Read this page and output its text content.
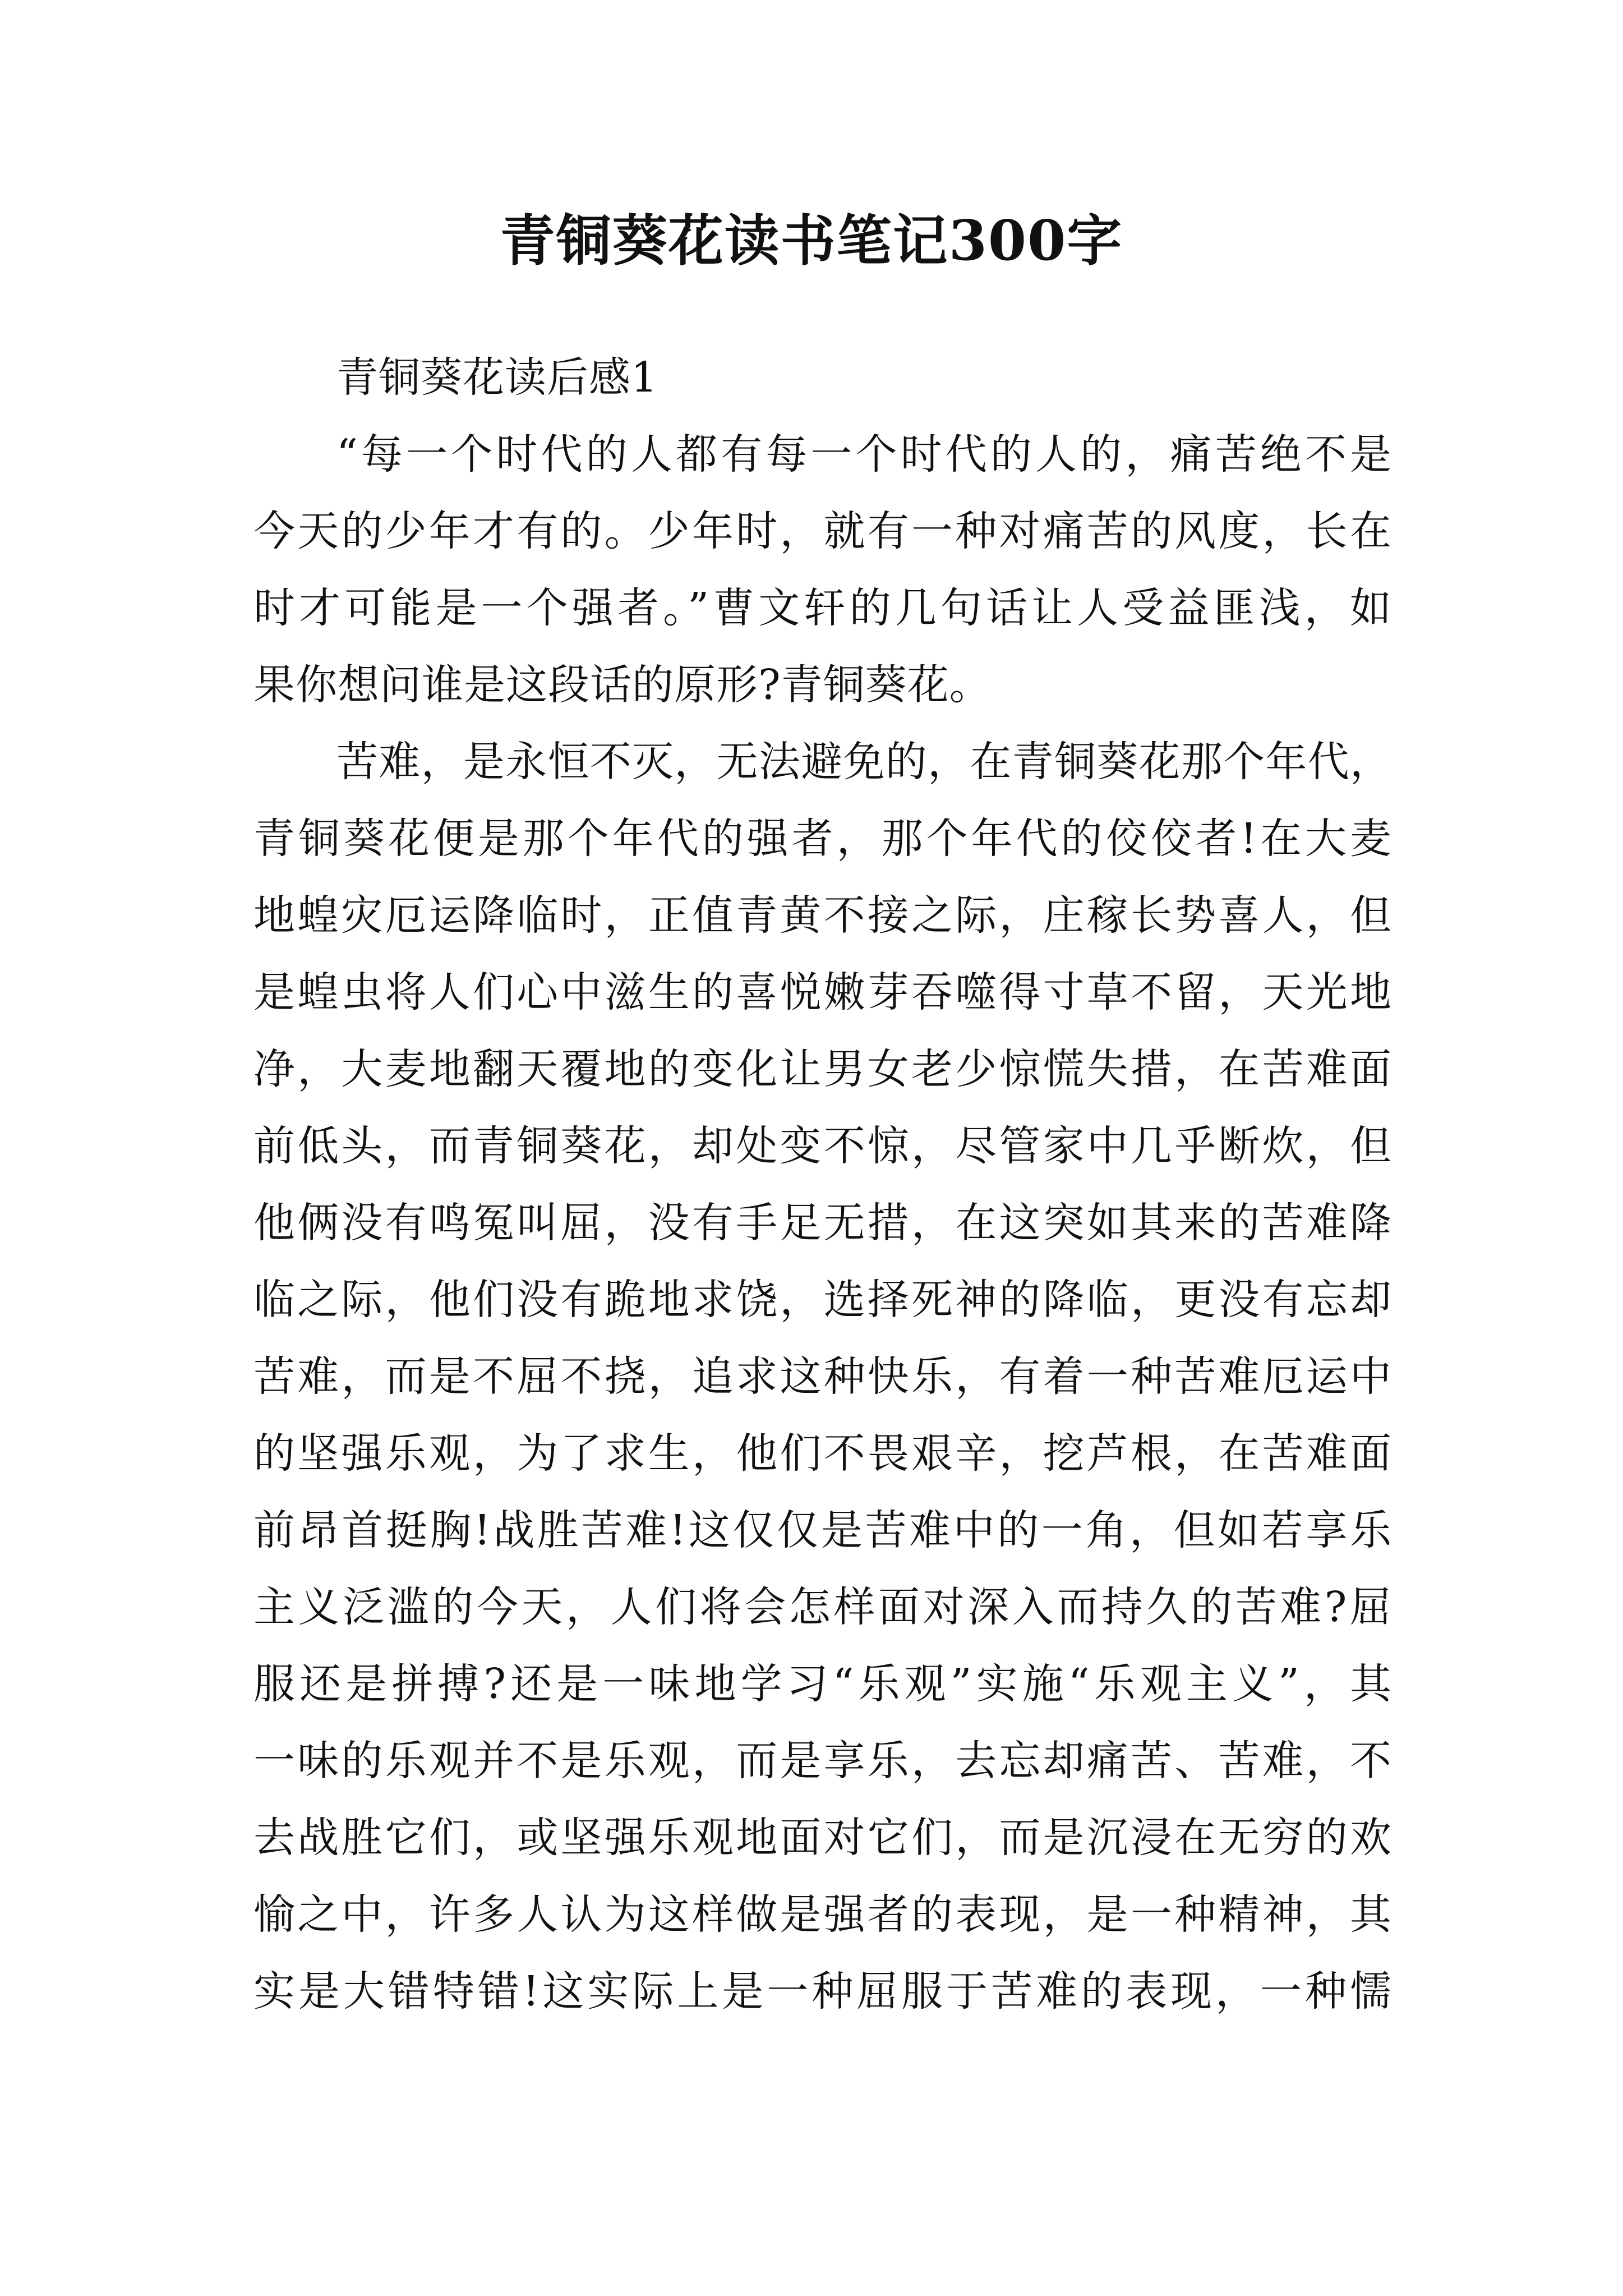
青铜葵花读书笔记300字
青铜葵花读后感1
“每一个时代的人都有每一个时代的人的，痛苦绝不是
今天的少年才有的。少年时，就有一种对痛苦的风度，长在
时才可能是一个强者。”曹文轩的几句话让人受益匪浅，如
果你想问谁是这段话的原形?青铜葵花。
苦难，是永恒不灭，无法避免的，在青铜葵花那个年代，
青铜葵花便是那个年代的强者，那个年代的佼佼者!在大麦
地蝗灾厄运降临时，正值青黄不接之际，庄稼长势喜人，但
是蝗虫将人们心中滋生的喜悦嫩芽吞噬得寸草不留，天光地
净，大麦地翻天覆地的变化让男女老少惊慌失措，在苦难面
前低头，而青铜葵花，却处变不惊，尽管家中几乎断炊，但
他俩没有鸣冤叫屈，没有手足无措，在这突如其来的苦难降
临之际，他们没有跪地求饶，选择死神的降临，更没有忘却
苦难，而是不屈不挠，追求这种快乐，有着一种苦难厄运中
的坚强乐观，为了求生，他们不畏艰辛，挖芦根，在苦难面
前昂首挺胸!战胜苦难!这仅仅是苦难中的一角，但如若享乐
主义泛滥的今天，人们将会怎样面对深入而持久的苦难?屈
服还是拼搏?还是一味地学习“乐观”实施“乐观主义”，其
一味的乐观并不是乐观，而是享乐，去忘却痛苦、苦难，不
去战胜它们，或坚强乐观地面对它们，而是沉浸在无穷的欢
愉之中，许多人认为这样做是强者的表现，是一种精神，其
实是大错特错!这实际上是一种屈服于苦难的表现，一种懦
